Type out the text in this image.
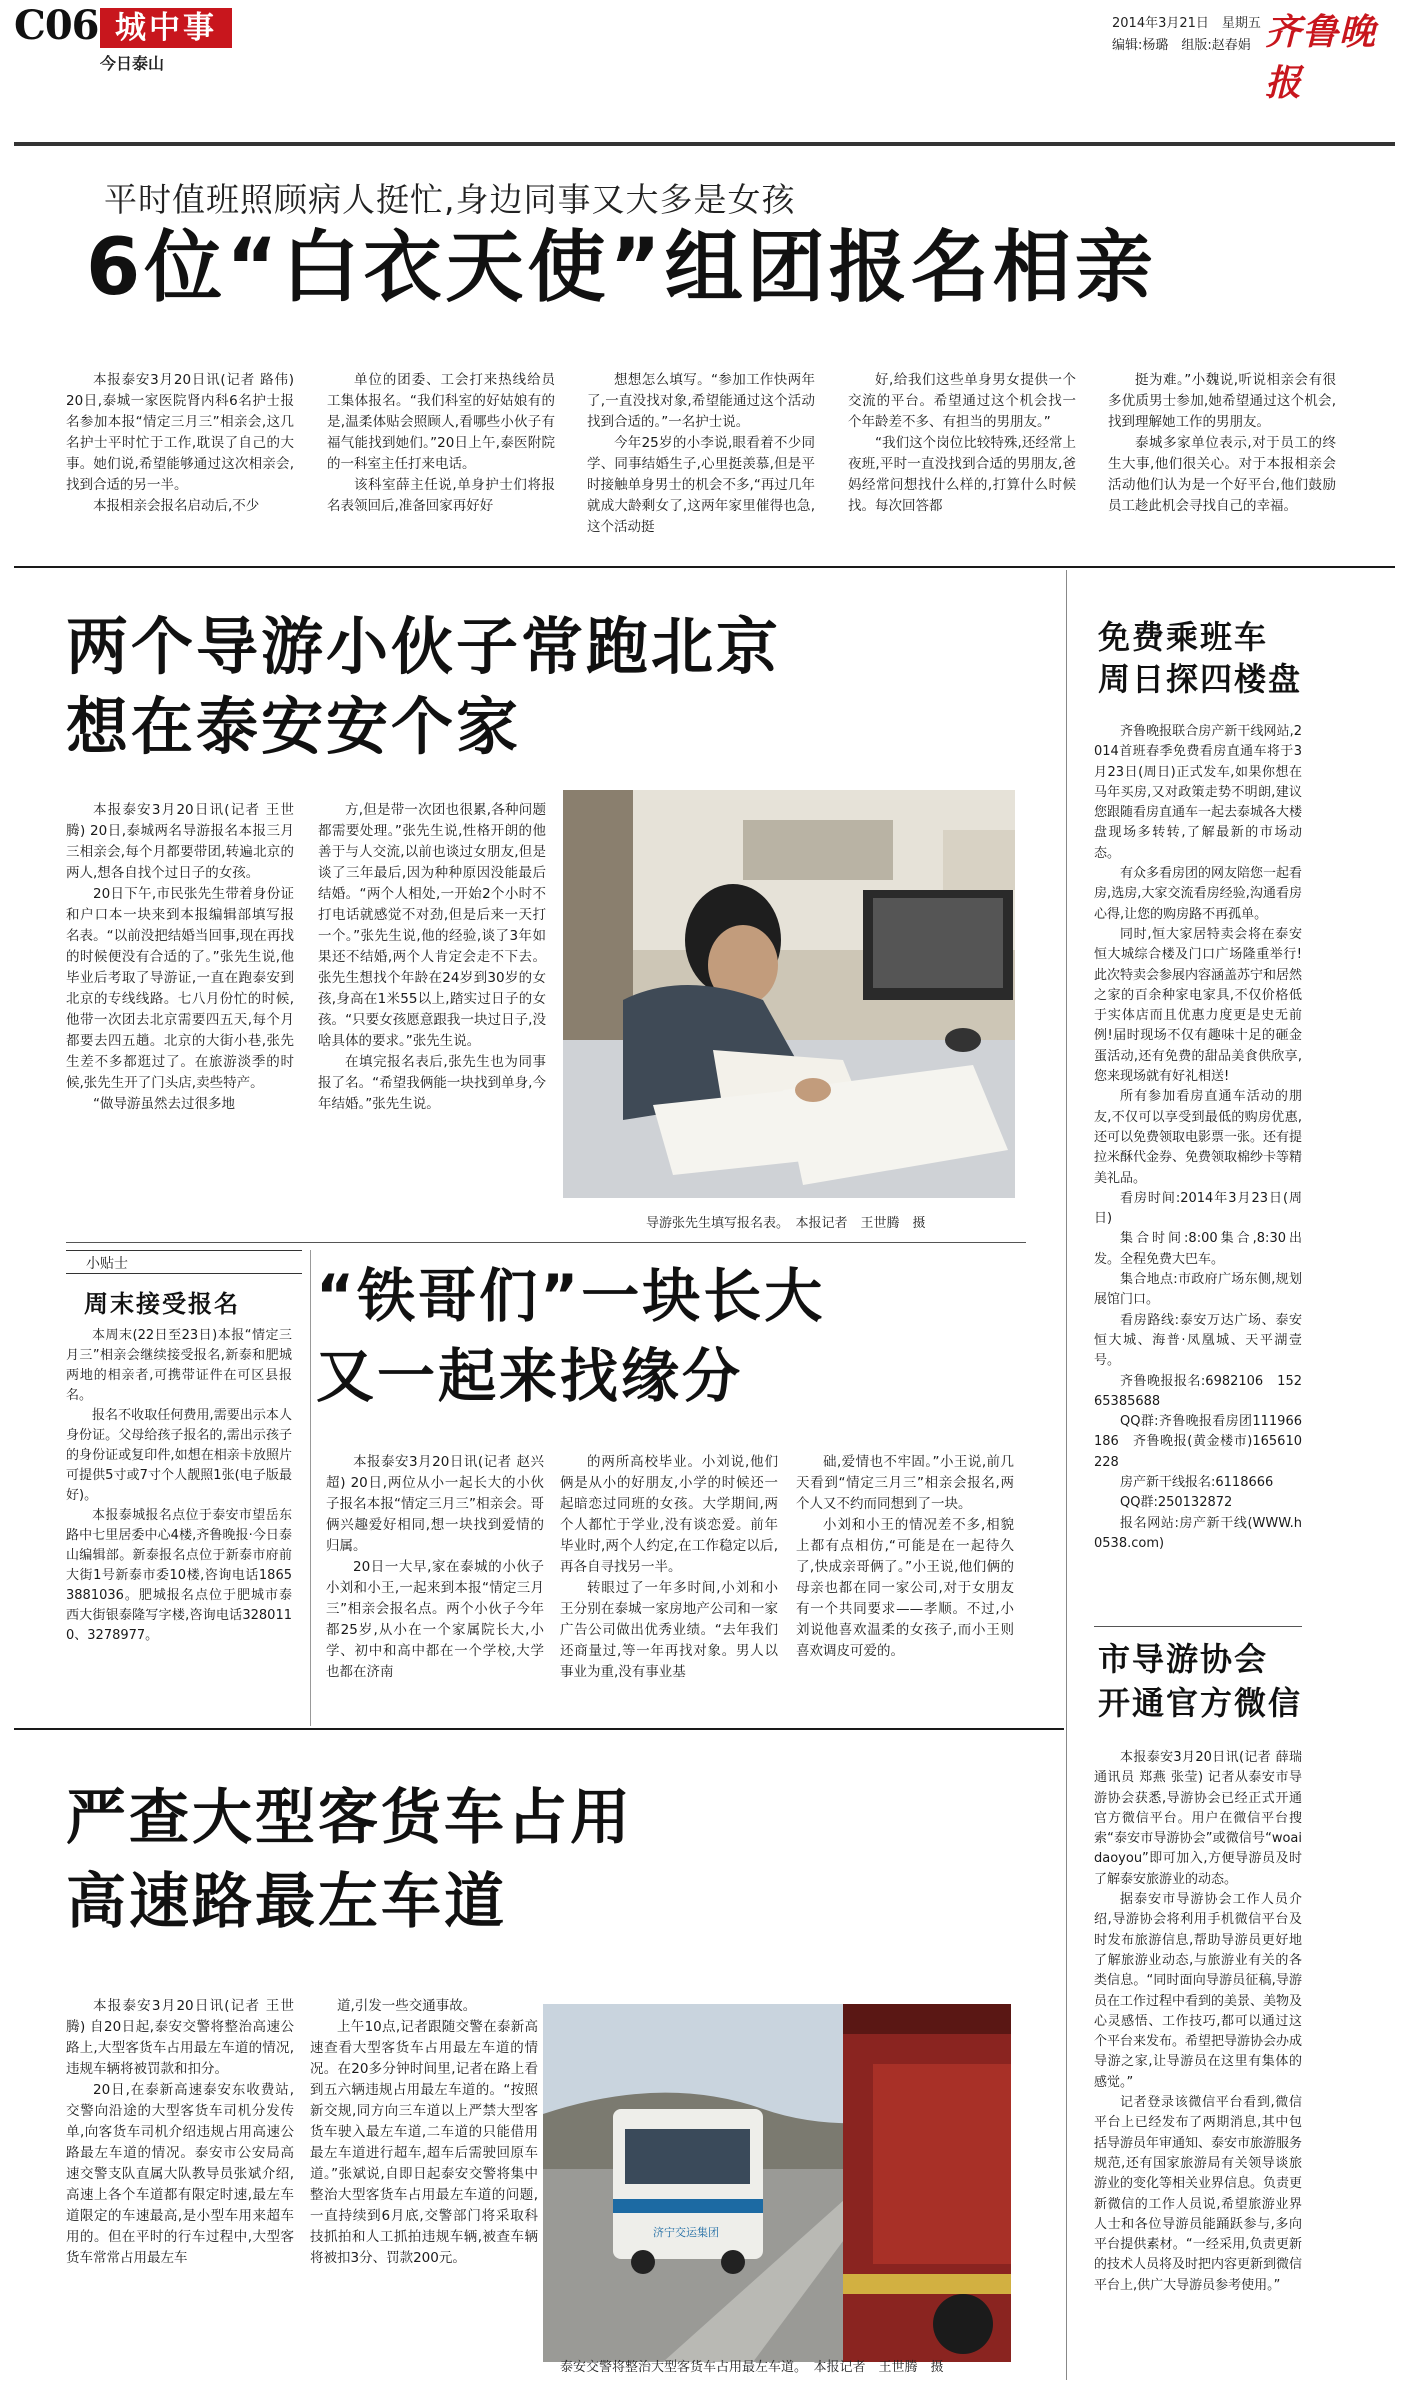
C06 城中事
今日泰山
2014年3月21日　星期五
编辑:杨璐　组版:赵春娟 齐鲁晚报
平时值班照顾病人挺忙,身边同事又大多是女孩
6位“白衣天使”组团报名相亲

本报泰安3月20日讯(记者 路伟) 20日,泰城一家医院肾内科6名护士报名参加本报“情定三月三”相亲会,这几名护士平时忙于工作,耽误了自己的大事。她们说,希望能够通过这次相亲会,找到合适的另一半。

本报相亲会报名启动后,不少

单位的团委、工会打来热线给员工集体报名。“我们科室的好姑娘有的是,温柔体贴会照顾人,看哪些小伙子有福气能找到她们。”20日上午,泰医附院的一科室主任打来电话。

该科室薛主任说,单身护士们将报名表领回后,准备回家再好好

想想怎么填写。“参加工作快两年了,一直没找对象,希望能通过这个活动找到合适的。”一名护士说。

今年25岁的小李说,眼看着不少同学、同事结婚生子,心里挺羡慕,但是平时接触单身男士的机会不多,“再过几年就成大龄剩女了,这两年家里催得也急,这个活动挺

好,给我们这些单身男女提供一个交流的平台。希望通过这个机会找一个年龄差不多、有担当的男朋友。”

“我们这个岗位比较特殊,还经常上夜班,平时一直没找到合适的男朋友,爸妈经常问想找什么样的,打算什么时候找。每次回答都

挺为难。”小魏说,听说相亲会有很多优质男士参加,她希望通过这个机会,找到理解她工作的男朋友。

泰城多家单位表示,对于员工的终生大事,他们很关心。对于本报相亲会活动他们认为是一个好平台,他们鼓励员工趁此机会寻找自己的幸福。

两个导游小伙子常跑北京
想在泰安安个家

本报泰安3月20日讯(记者 王世腾) 20日,泰城两名导游报名本报三月三相亲会,每个月都要带团,转遍北京的两人,想各自找个过日子的女孩。

20日下午,市民张先生带着身份证和户口本一块来到本报编辑部填写报名表。“以前没把结婚当回事,现在再找的时候便没有合适的了。”张先生说,他毕业后考取了导游证,一直在跑泰安到北京的专线线路。七八月份忙的时候,他带一次团去北京需要四五天,每个月都要去四五趟。北京的大街小巷,张先生差不多都逛过了。在旅游淡季的时候,张先生开了门头店,卖些特产。

“做导游虽然去过很多地

方,但是带一次团也很累,各种问题都需要处理。”张先生说,性格开朗的他善于与人交流,以前也谈过女朋友,但是谈了三年最后,因为种种原因没能最后结婚。“两个人相处,一开始2个小时不打电话就感觉不对劲,但是后来一天打一个。”张先生说,他的经验,谈了3年如果还不结婚,两个人肯定会走不下去。张先生想找个年龄在24岁到30岁的女孩,身高在1米55以上,踏实过日子的女孩。“只要女孩愿意跟我一块过日子,没啥具体的要求。”张先生说。

在填完报名表后,张先生也为同事报了名。“希望我俩能一块找到单身,今年结婚。”张先生说。

导游张先生填写报名表。　本报记者　王世腾　摄
小贴士
周末接受报名

本周末(22日至23日)本报“情定三月三”相亲会继续接受报名,新泰和肥城两地的相亲者,可携带证件在可区县报名。

报名不收取任何费用,需要出示本人身份证。父母给孩子报名的,需出示孩子的身份证或复印件,如想在相亲卡放照片可提供5寸或7寸个人靓照1张(电子版最好)。

本报泰城报名点位于泰安市望岳东路中七里居委中心4楼,齐鲁晚报·今日泰山编辑部。新泰报名点位于新泰市府前大街1号新泰市委10楼,咨询电话18653881036。肥城报名点位于肥城市泰西大街银泰隆写字楼,咨询电话3280110、3278977。

“铁哥们”一块长大
又一起来找缘分

本报泰安3月20日讯(记者 赵兴超) 20日,两位从小一起长大的小伙子报名本报“情定三月三”相亲会。哥俩兴趣爱好相同,想一块找到爱情的归属。

20日一大早,家在泰城的小伙子小刘和小王,一起来到本报“情定三月三”相亲会报名点。两个小伙子今年都25岁,从小在一个家属院长大,小学、初中和高中都在一个学校,大学也都在济南

的两所高校毕业。小刘说,他们俩是从小的好朋友,小学的时候还一起暗恋过同班的女孩。大学期间,两个人都忙于学业,没有谈恋爱。前年毕业时,两个人约定,在工作稳定以后,再各自寻找另一半。

转眼过了一年多时间,小刘和小王分别在泰城一家房地产公司和一家广告公司做出优秀业绩。“去年我们还商量过,等一年再找对象。男人以事业为重,没有事业基

础,爱情也不牢固。”小王说,前几天看到“情定三月三”相亲会报名,两个人又不约而同想到了一块。

小刘和小王的情况差不多,相貌上都有点相仿,“可能是在一起待久了,快成亲哥俩了。”小王说,他们俩的母亲也都在同一家公司,对于女朋友有一个共同要求——孝顺。不过,小刘说他喜欢温柔的女孩子,而小王则喜欢调皮可爱的。

严查大型客货车占用
高速路最左车道

本报泰安3月20日讯(记者 王世腾) 自20日起,泰安交警将整治高速公路上,大型客货车占用最左车道的情况,违规车辆将被罚款和扣分。

20日,在泰新高速泰安东收费站,交警向沿途的大型客货车司机分发传单,向客货车司机介绍违规占用高速公路最左车道的情况。泰安市公安局高速交警支队直属大队教导员张斌介绍,高速上各个车道都有限定时速,最左车道限定的车速最高,是小型车用来超车用的。但在平时的行车过程中,大型客货车常常占用最左车

道,引发一些交通事故。

上午10点,记者跟随交警在泰新高速查看大型客货车占用最左车道的情况。在20多分钟时间里,记者在路上看到五六辆违规占用最左车道的。“按照新交规,同方向三车道以上严禁大型客货车驶入最左车道,二车道的只能借用最左车道进行超车,超车后需驶回原车道。”张斌说,自即日起泰安交警将集中整治大型客货车占用最左车道的问题,一直持续到6月底,交警部门将采取科技抓拍和人工抓拍违规车辆,被查车辆将被扣3分、罚款200元。

济宁交运集团
泰安交警将整治大型客货车占用最左车道。　本报记者　王世腾　摄
免费乘班车
周日探四楼盘

齐鲁晚报联合房产新干线网站,2014首班春季免费看房直通车将于3月23日(周日)正式发车,如果你想在马年买房,又对政策走势不明朗,建议您跟随看房直通车一起去泰城各大楼盘现场多转转,了解最新的市场动态。

有众多看房团的网友陪您一起看房,选房,大家交流看房经验,沟通看房心得,让您的购房路不再孤单。

同时,恒大家居特卖会将在泰安恒大城综合楼及门口广场隆重举行!此次特卖会参展内容涵盖苏宁和居然之家的百余种家电家具,不仅价格低于实体店而且优惠力度更是史无前例!届时现场不仅有趣味十足的砸金蛋活动,还有免费的甜品美食供欣享,您来现场就有好礼相送!

所有参加看房直通车活动的朋友,不仅可以享受到最低的购房优惠,还可以免费领取电影票一张。还有提拉米酥代金券、免费领取棉纱卡等精美礼品。

看房时间:2014年3月23日(周日)

集合时间:8:00集合,8:30出发。全程免费大巴车。

集合地点:市政府广场东侧,规划展馆门口。

看房路线:泰安万达广场、泰安恒大城、海普·凤凰城、天平湖壹号。

齐鲁晚报报名:6982106　15265385688

QQ群:齐鲁晚报看房团111966186　齐鲁晚报(黄金楼市)165610228

房产新干线报名:6118666

QQ群:250132872

报名网站:房产新干线(WWW.h0538.com)

市导游协会
开通官方微信

本报泰安3月20日讯(记者 薛瑞 通讯员 郑燕 张莹) 记者从泰安市导游协会获悉,导游协会已经正式开通官方微信平台。用户在微信平台搜索“泰安市导游协会”或微信号“woaidaoyou”即可加入,方便导游员及时了解泰安旅游业的动态。

据泰安市导游协会工作人员介绍,导游协会将利用手机微信平台及时发布旅游信息,帮助导游员更好地了解旅游业动态,与旅游业有关的各类信息。“同时面向导游员征稿,导游员在工作过程中看到的美景、美物及心灵感悟、工作技巧,都可以通过这个平台来发布。希望把导游协会办成导游之家,让导游员在这里有集体的感觉。”

记者登录该微信平台看到,微信平台上已经发布了两期消息,其中包括导游员年审通知、泰安市旅游服务规范,还有国家旅游局有关领导谈旅游业的变化等相关业界信息。负责更新微信的工作人员说,希望旅游业界人士和各位导游员能踊跃参与,多向平台提供素材。“一经采用,负责更新的技术人员将及时把内容更新到微信平台上,供广大导游员参考使用。”
